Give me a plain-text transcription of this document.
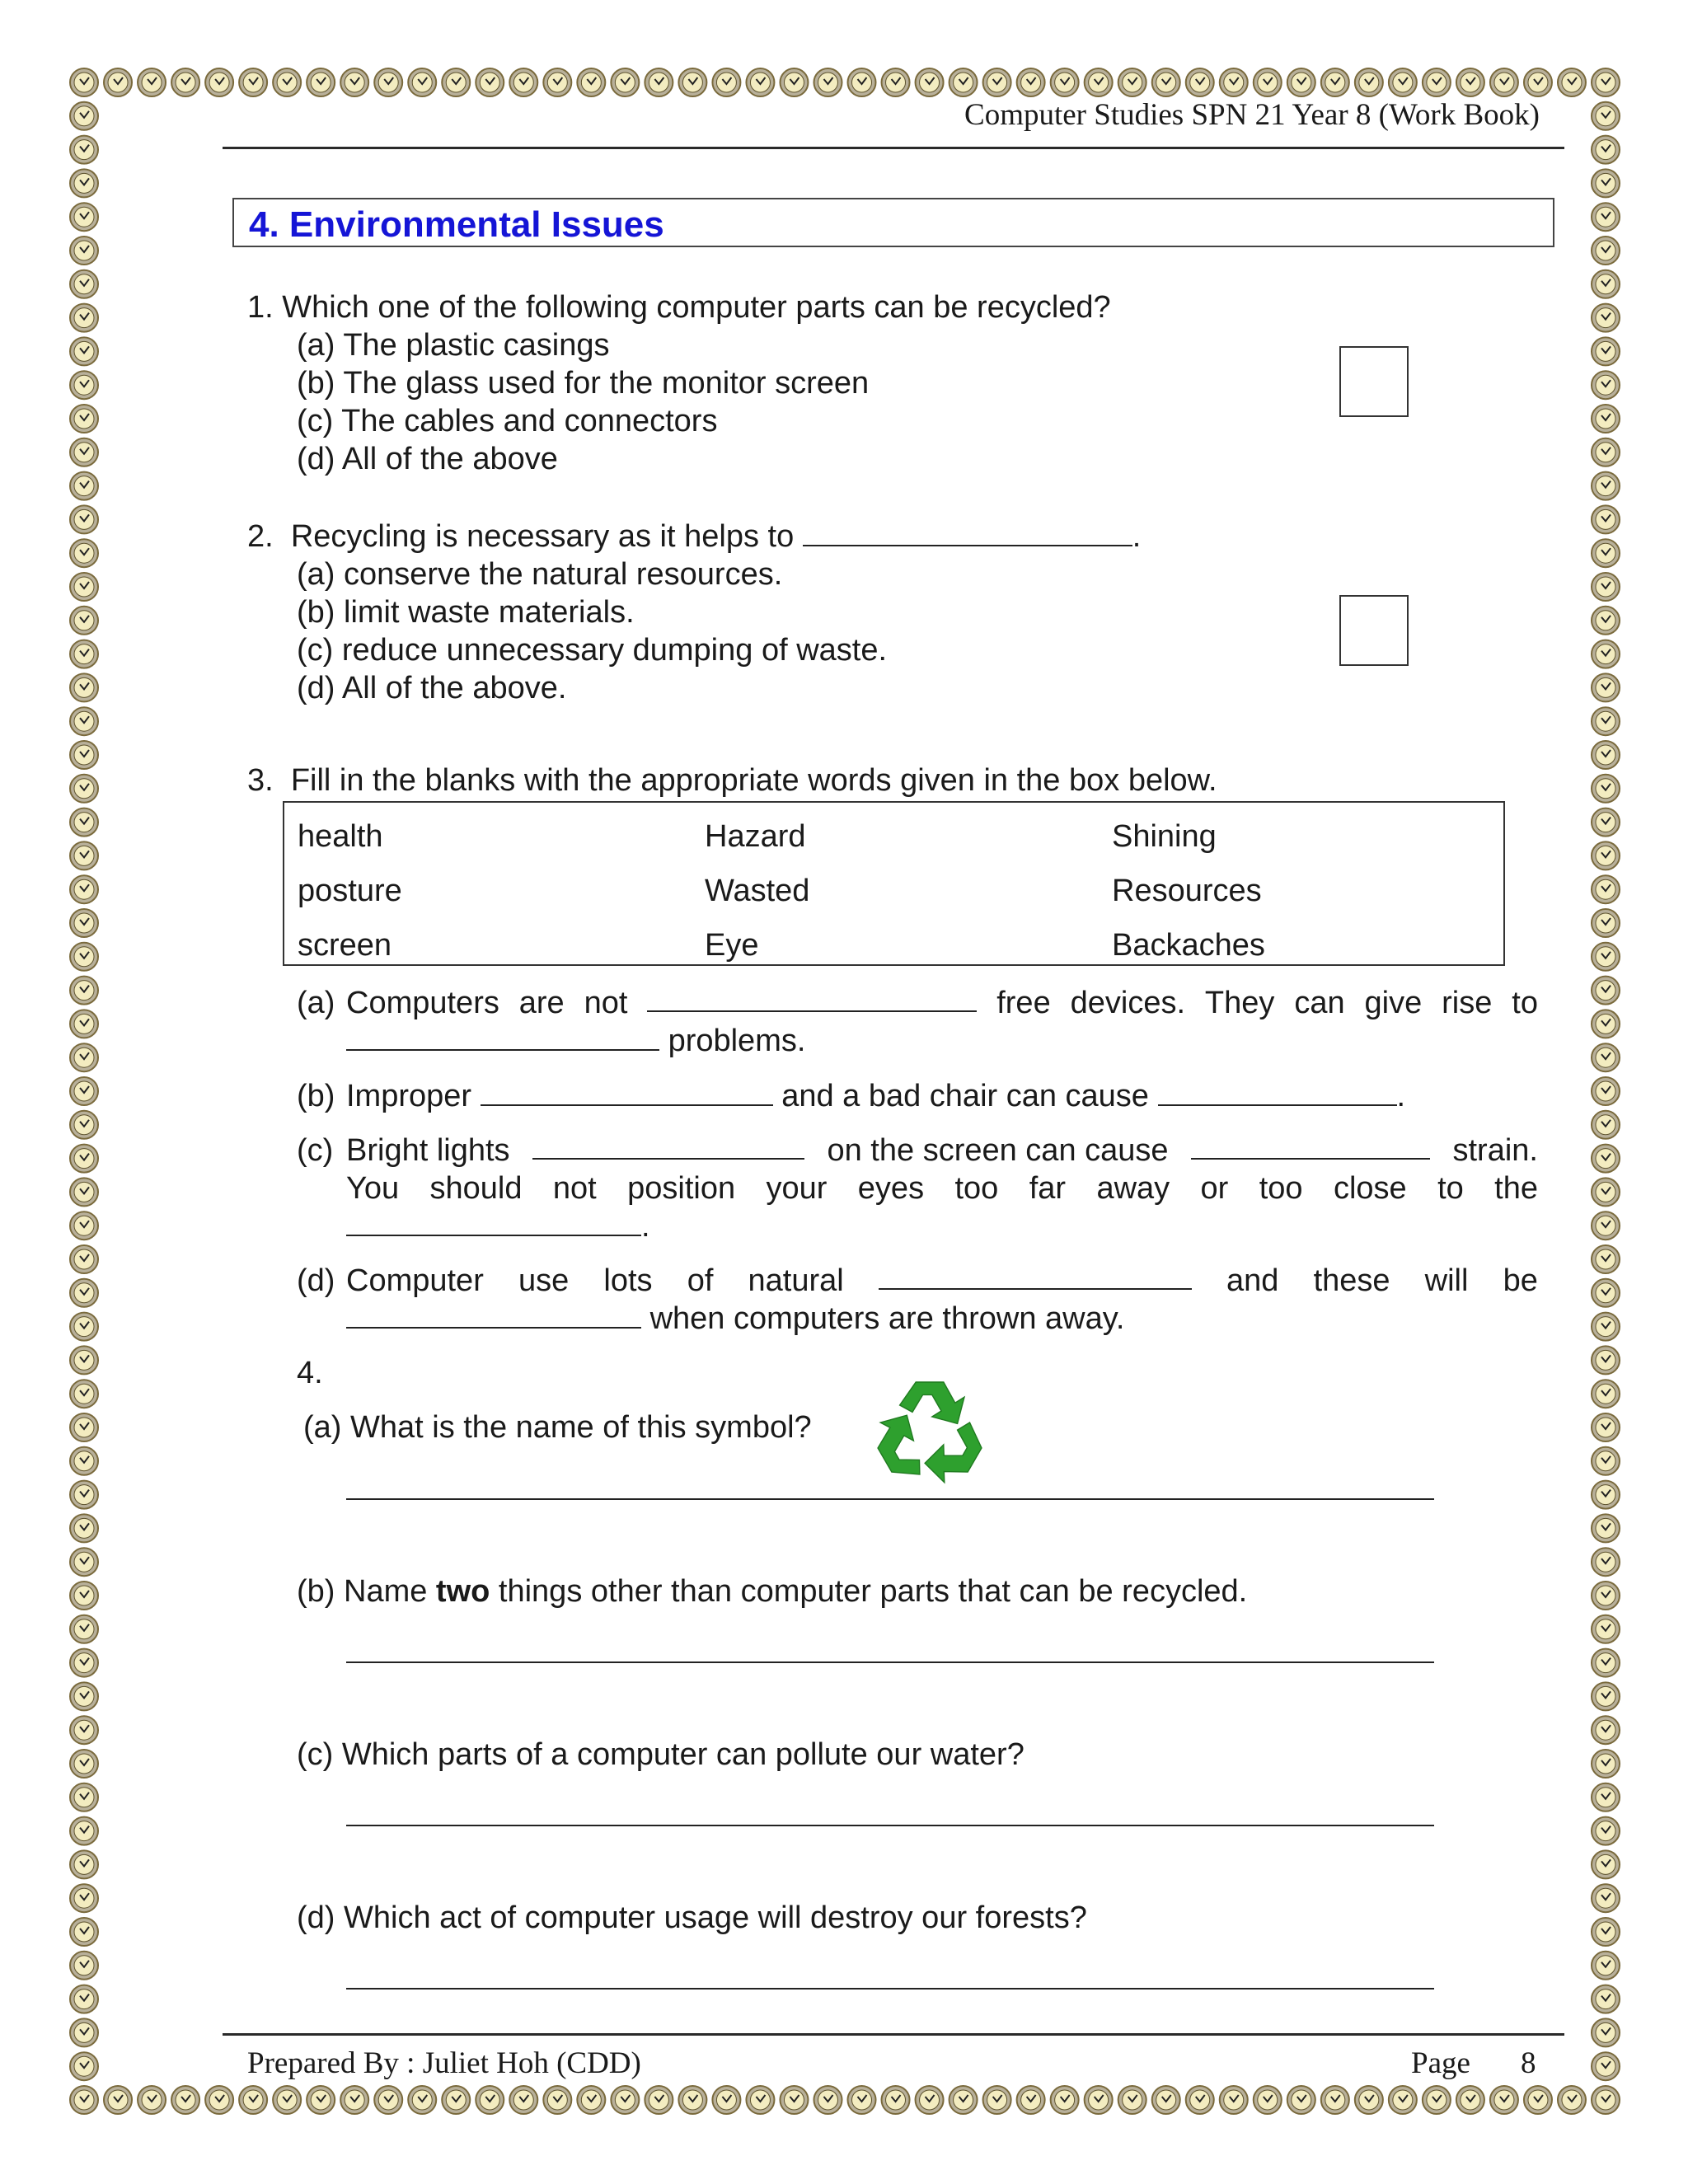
Computer Studies SPN 21 Year 8 (Work Book)
4. Environmental Issues
1. Which one of the following computer parts can be recycled?
(a) The plastic casings
(b) The glass used for the monitor screen
(c) The cables and connectors
(d) All of the above
2. Recycling is necessary as it helps to	.
(a) conserve the natural resources.
(b) limit waste materials.
(c) reduce unnecessary dumping of waste.
(d) All of the above.
3. Fill in the blanks with the appropriate words given in the box below.
health	Hazard	Shining
posture	Wasted	Resources
screen	Eye	Backaches
(a) Computers are not	free devices. They can give rise to
problems.
(b) Improper	and a bad chair can cause	.
(c) Bright lights	on the screen can cause	strain.
You should not position your eyes too far away or too close to the
.
(d) Computer use lots of natural	and these will be
when computers are thrown away.
4.
(a) What is the name of this symbol?
(b) Name two things other than computer parts that can be recycled.
(c) Which parts of a computer can pollute our water?
(d) Which act of computer usage will destroy our forests?
Prepared By : Juliet Hoh (CDD)	Page 8
